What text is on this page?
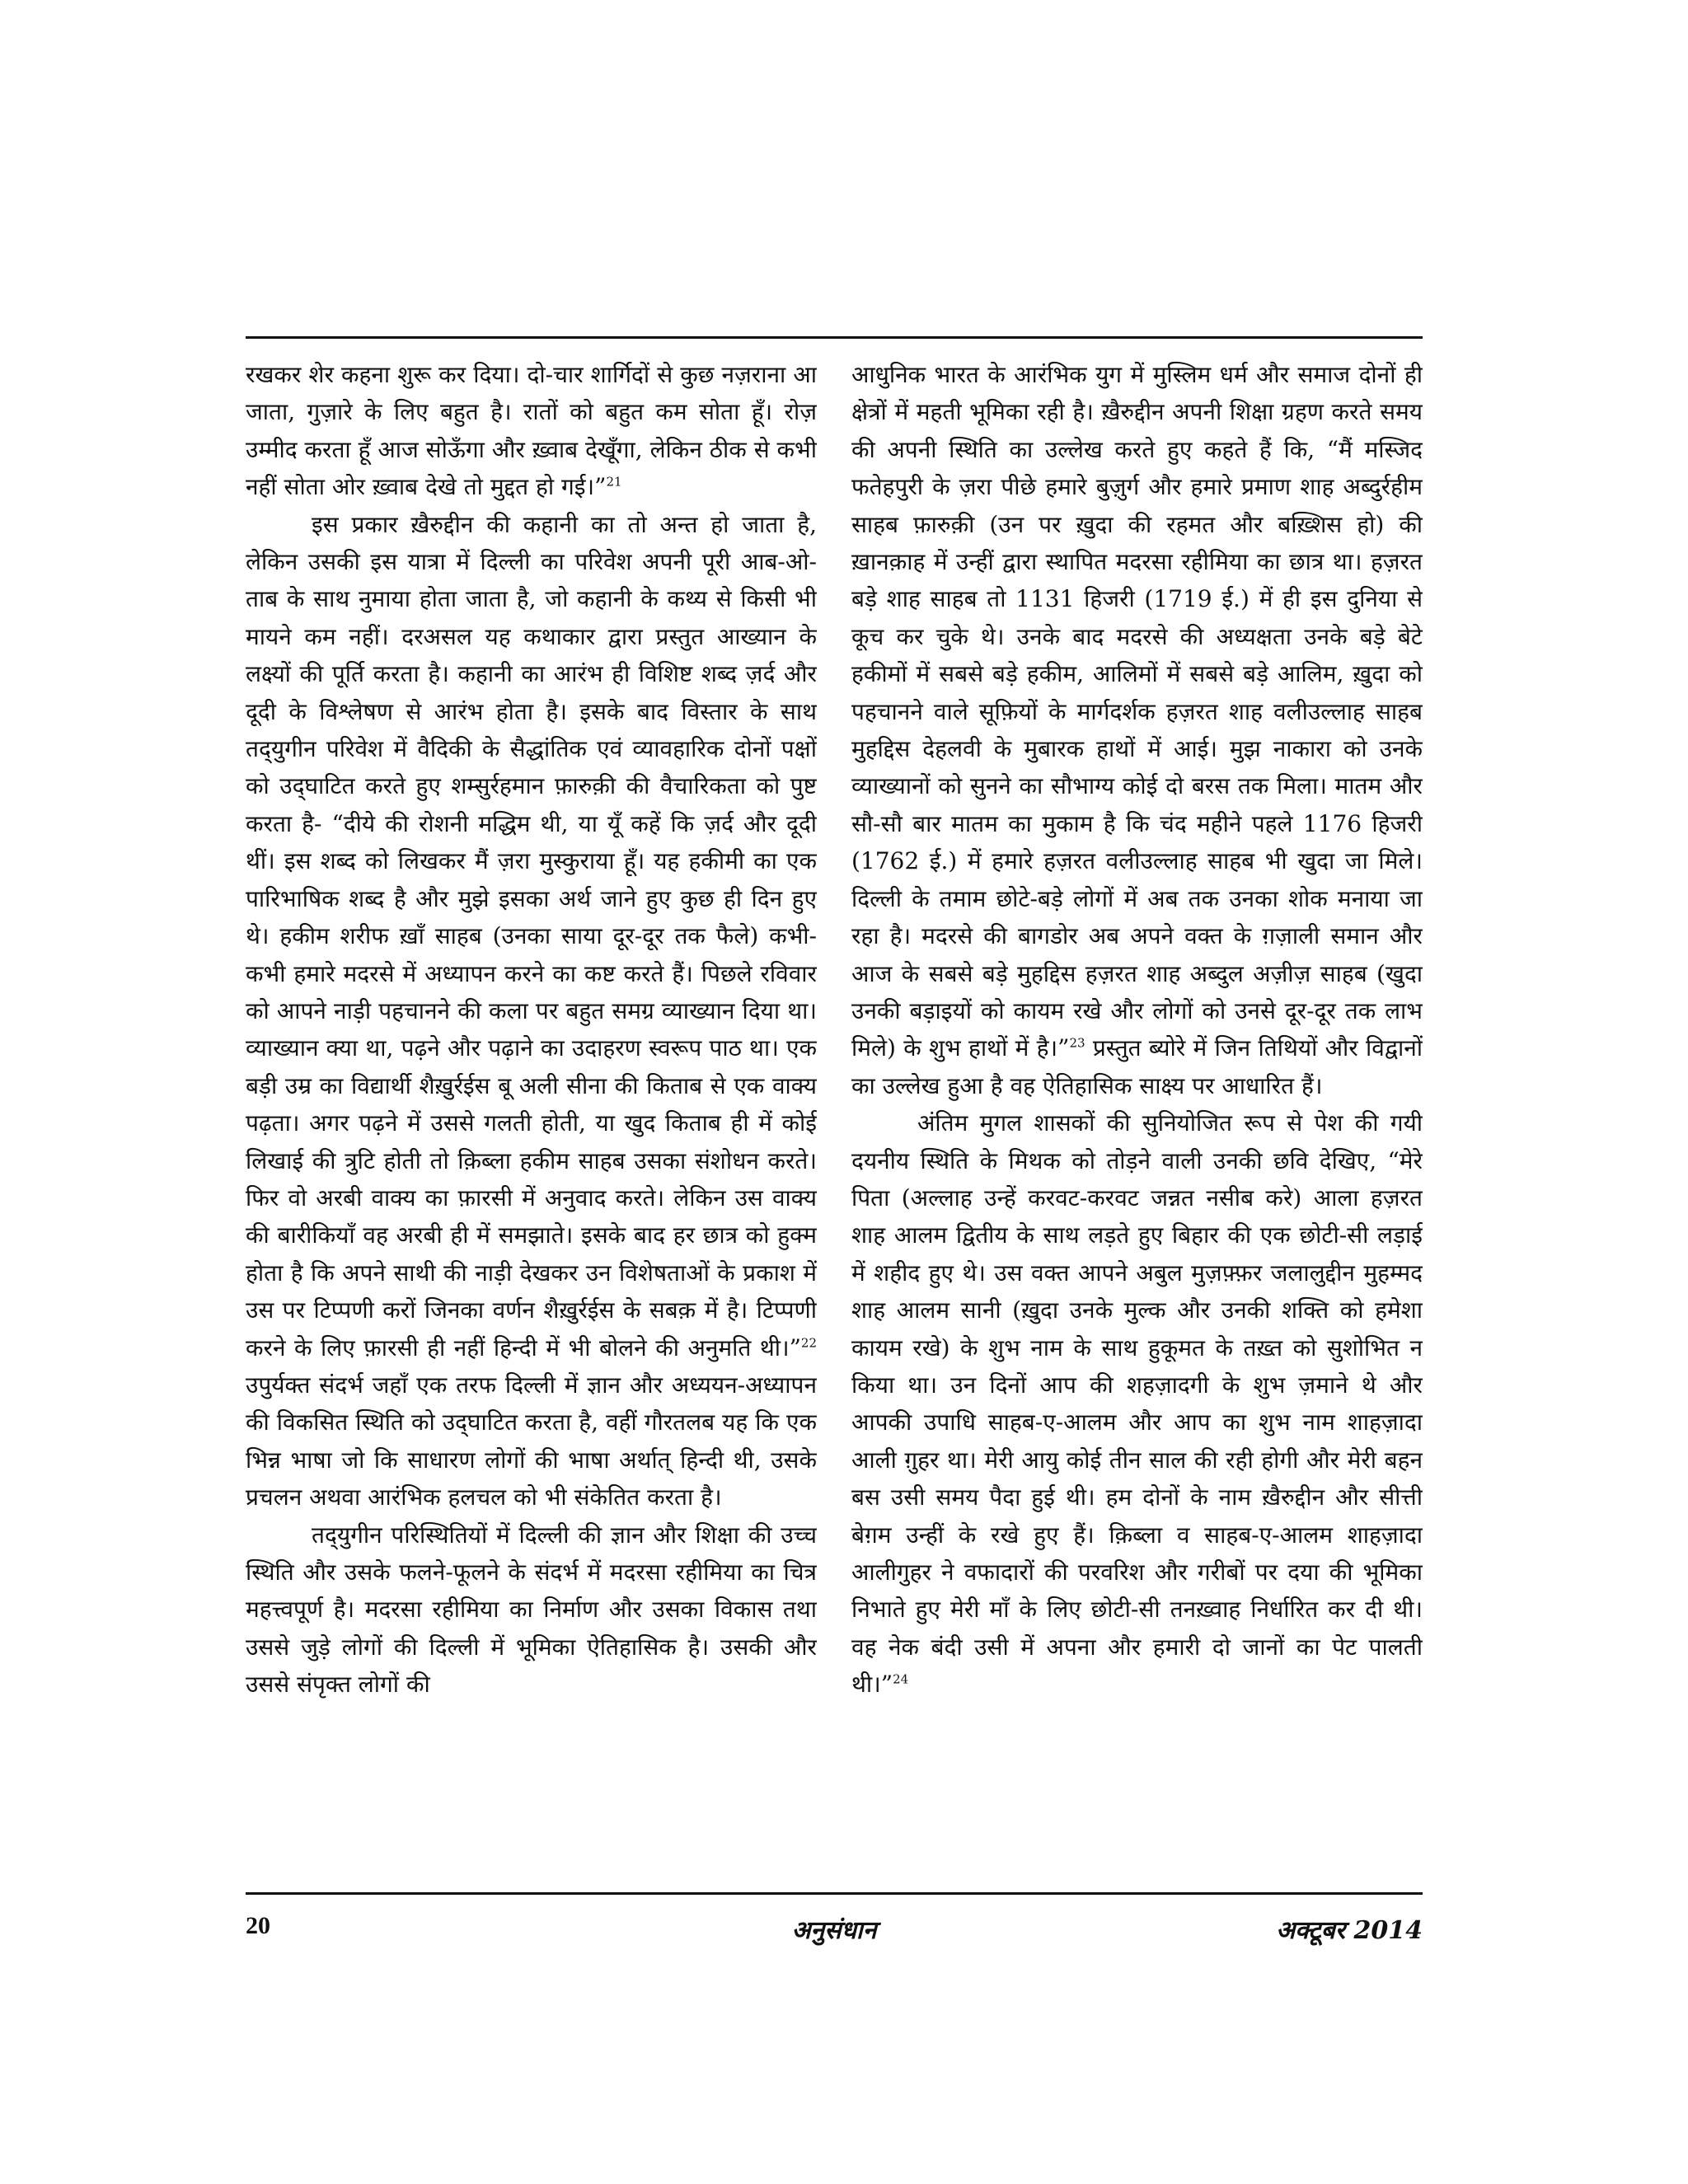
रखकर शेर कहना शुरू कर दिया। दो-चार शार्गिदों से कुछ नज़राना आ जाता, गुज़ारे के लिए बहुत है। रातों को बहुत कम सोता हूँ। रोज़ उम्मीद करता हूँ आज सोऊँगा और ख़्वाब देखूँगा, लेकिन ठीक से कभी नहीं सोता ओर ख़्वाब देखे तो मुद्दत हो गई।”$^{21}$

इस प्रकार ख़ैरुद्दीन की कहानी का तो अन्त हो जाता है, लेकिन उसकी इस यात्रा में दिल्ली का परिवेश अपनी पूरी आब-ओ-ताब के साथ नुमाया होता जाता है, जो कहानी के कथ्य से किसी भी मायने कम नहीं। दरअसल यह कथाकार द्वारा प्रस्तुत आख्यान के लक्ष्यों की पूर्ति करता है। कहानी का आरंभ ही विशिष्ट शब्द ज़र्द और दूदी के विश्लेषण से आरंभ होता है। इसके बाद विस्तार के साथ तद्‌युगीन परिवेश में वैदिकी के सैद्धांतिक एवं व्यावहारिक दोनों पक्षों को उद्‌घाटित करते हुए शम्सुर्रहमान फ़ारुक़ी की वैचारिकता को पुष्ट करता है- “दीये की रोशनी मद्धिम थी, या यूँ कहें कि ज़र्द और दूदी थीं। इस शब्द को लिखकर मैं ज़रा मुस्कुराया हूँ। यह हकीमी का एक पारिभाषिक शब्द है और मुझे इसका अर्थ जाने हुए कुछ ही दिन हुए थे। हकीम शरीफ ख़ाँ साहब (उनका साया दूर-दूर तक फैले) कभी-कभी हमारे मदरसे में अध्यापन करने का कष्ट करते हैं। पिछले रविवार को आपने नाड़ी पहचानने की कला पर बहुत समग्र व्याख्यान दिया था। व्याख्यान क्या था, पढ़ने और पढ़ाने का उदाहरण स्वरूप पाठ था। एक बड़ी उम्र का विद्यार्थी शैख़ुर्रईस बू अली सीना की किताब से एक वाक्य पढ़ता। अगर पढ़ने में उससे गलती होती, या खुद किताब ही में कोई लिखाई की त्रुटि होती तो क़िब्ला हकीम साहब उसका संशोधन करते। फिर वो अरबी वाक्य का फ़ारसी में अनुवाद करते। लेकिन उस वाक्य की बारीकियाँ वह अरबी ही में समझाते। इसके बाद हर छात्र को हुक्म होता है कि अपने साथी की नाड़ी देखकर उन विशेषताओं के प्रकाश में उस पर टिप्पणी करों जिनका वर्णन शैख़ुर्रईस के सबक़ में है। टिप्पणी करने के लिए फ़ारसी ही नहीं हिन्दी में भी बोलने की अनुमति थी।”$^{22}$ उपुर्यक्त संदर्भ जहाँ एक तरफ दिल्ली में ज्ञान और अध्ययन-अध्यापन की विकसित स्थिति को उद्‌घाटित करता है, वहीं गौरतलब यह कि एक भिन्न भाषा जो कि साधारण लोगों की भाषा अर्थात्‌ हिन्दी थी, उसके प्रचलन अथवा आरंभिक हलचल को भी संकेतित करता है।

तद्‌युगीन परिस्थितियों में दिल्ली की ज्ञान और शिक्षा की उच्च स्थिति और उसके फलने-फूलने के संदर्भ में मदरसा रहीमिया का चित्र महत्त्वपूर्ण है। मदरसा रहीमिया का निर्माण और उसका विकास तथा उससे जुड़े लोगों की दिल्ली में भूमिका ऐतिहासिक है। उसकी और उससे संपृक्त लोगों की

आधुनिक भारत के आरंभिक युग में मुस्लिम धर्म और समाज दोनों ही क्षेत्रों में महती भूमिका रही है। ख़ैरुद्दीन अपनी शिक्षा ग्रहण करते समय की अपनी स्थिति का उल्लेख करते हुए कहते हैं कि, “मैं मस्जिद फतेहपुरी के ज़रा पीछे हमारे बुज़ुर्ग और हमारे प्रमाण शाह अब्दुर्रहीम साहब फ़ारुक़ी (उन पर ख़ुदा की रहमत और बख़्शिस हो) की ख़ानक़ाह में उन्हीं द्वारा स्थापित मदरसा रहीमिया का छात्र था। हज़रत बड़े शाह साहब तो 1131 हिजरी (1719 ई.) में ही इस दुनिया से कूच कर चुके थे। उनके बाद मदरसे की अध्यक्षता उनके बड़े बेटे हकीमों में सबसे बड़े हकीम, आलिमों में सबसे बड़े आलिम, ख़ुदा को पहचानने वाले सूफ़ियों के मार्गदर्शक हज़रत शाह वलीउल्लाह साहब मुहद्दिस देहलवी के मुबारक हाथों में आई। मुझ नाकारा को उनके व्याख्यानों को सुनने का सौभाग्य कोई दो बरस तक मिला। मातम और सौ-सौ बार मातम का मुकाम है कि चंद महीने पहले 1176 हिजरी (1762 ई.) में हमारे हज़रत वलीउल्लाह साहब भी खुदा जा मिले। दिल्ली के तमाम छोटे-बड़े लोगों में अब तक उनका शोक मनाया जा रहा है। मदरसे की बागडोर अब अपने वक्त के ग़ज़ाली समान और आज के सबसे बड़े मुहद्दिस हज़रत शाह अब्दुल अज़ीज़ साहब (खुदा उनकी बड़ाइयों को कायम रखे और लोगों को उनसे दूर-दूर तक लाभ मिले) के शुभ हाथों में है।”$^{23}$ प्रस्तुत ब्योरे में जिन तिथियों और विद्वानों का उल्लेख हुआ है वह ऐतिहासिक साक्ष्य पर आधारित हैं।

अंतिम मुगल शासकों की सुनियोजित रूप से पेश की गयी दयनीय स्थिति के मिथक को तोड़ने वाली उनकी छवि देखिए, “मेरे पिता (अल्लाह उन्हें करवट-करवट जन्नत नसीब करे) आला हज़रत शाह आलम द्वितीय के साथ लड़ते हुए बिहार की एक छोटी-सी लड़ाई में शहीद हुए थे। उस वक्त आपने अबुल मुज़फ़्फ़र जलालुद्दीन मुहम्मद शाह आलम सानी (ख़ुदा उनके मुल्क और उनकी शक्ति को हमेशा कायम रखे) के शुभ नाम के साथ हुकूमत के तख़्त को सुशोभित न किया था। उन दिनों आप की शहज़ादगी के शुभ ज़माने थे और आपकी उपाधि साहब-ए-आलम और आप का शुभ नाम शाहज़ादा आली ग़ुहर था। मेरी आयु कोई तीन साल की रही होगी और मेरी बहन बस उसी समय पैदा हुई थी। हम दोनों के नाम ख़ैरुद्दीन और सीत्ती बेग़म उन्हीं के रखे हुए हैं। क़िब्ला व साहब-ए-आलम शाहज़ादा आलीगुहर ने वफादारों की परवरिश और गरीबों पर दया की भूमिका निभाते हुए मेरी माँ के लिए छोटी-सी तनख़्वाह निर्धारित कर दी थी। वह नेक बंदी उसी में अपना और हमारी दो जानों का पेट पालती थी।”$^{24}$

20	अनुसंधान	अक्टूबर 2014
